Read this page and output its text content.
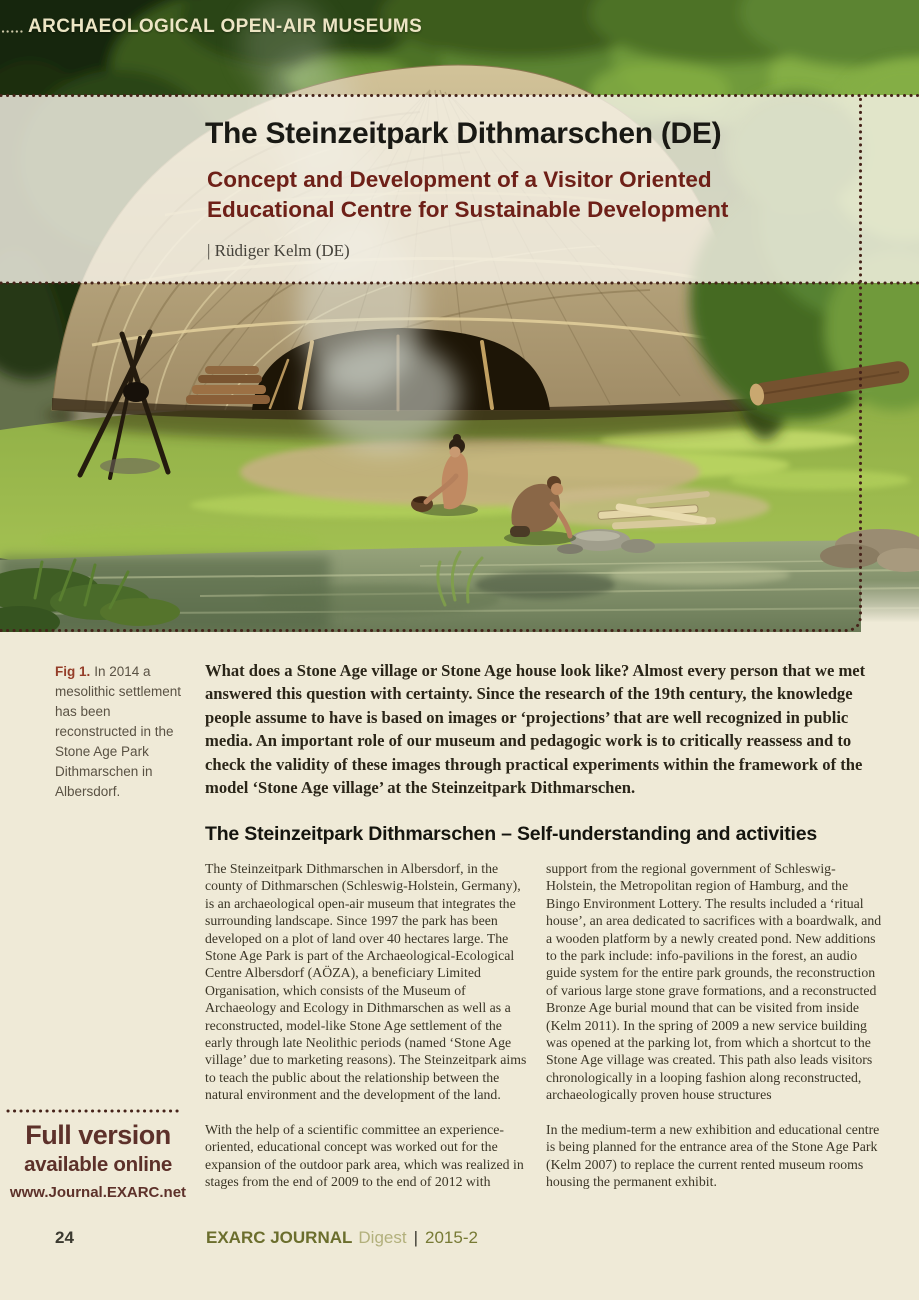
ARCHAEOLOGICAL OPEN-AIR MUSEUMS
The Steinzeitpark Dithmarschen (DE)
Concept and Development of a Visitor Oriented
Educational Centre for Sustainable Development
| Rüdiger Kelm (DE)
Fig 1. In 2014 a mesolithic settlement has been reconstructed in the Stone Age Park Dithmarschen in Albersdorf.
What does a Stone Age village or Stone Age house look like? Almost every person that we met answered this question with certainty. Since the research of the 19th century, the knowledge people assume to have is based on images or ‘projections’ that are well recognized in public media. An important role of our museum and pedagogic work is to critically reassess and to check the validity of these images through practical experiments within the framework of the model ‘Stone Age village’ at the Steinzeitpark Dithmarschen.
The Steinzeitpark Dithmarschen – Self-understanding and activities

The Steinzeitpark Dithmarschen in Albersdorf, in the county of Dithmarschen (Schleswig-Holstein, Germany), is an archaeological open-air museum that integrates the surrounding landscape. Since 1997 the park has been developed on a plot of land over 40 hectares large. The Stone Age Park is part of the Archaeological-Ecological Centre Albersdorf (AÖZA), a beneficiary Limited Organisation, which consists of the Museum of Archaeology and Ecology in Dithmarschen as well as a reconstructed, model-like Stone Age settlement of the early through late Neolithic periods (named ‘Stone Age village’ due to marketing reasons). The Steinzeitpark aims to teach the public about the relationship between the natural environment and the development of the land.

With the help of a scientific committee an experience-oriented, educational concept was worked out for the expansion of the outdoor park area, which was realized in stages from the end of 2009 to the end of 2012 with

support from the regional government of Schleswig-Holstein, the Metropolitan region of Hamburg, and the Bingo Environment Lottery. The results included a ‘ritual house’, an area dedicated to sacrifices with a boardwalk, and a wooden platform by a newly created pond. New additions to the park include: info-pavilions in the forest, an audio guide system for the entire park grounds, the reconstruction of various large stone grave formations, and a reconstructed Bronze Age burial mound that can be visited from inside (Kelm 2011). In the spring of 2009 a new service building was opened at the parking lot, from which a shortcut to the Stone Age village was created. This path also leads visitors chronologically in a looping fashion along reconstructed, archaeologically proven house structures

In the medium-term a new exhibition and educational centre is being planned for the entrance area of the Stone Age Park (Kelm 2007) to replace the current rented museum rooms housing the permanent exhibit.

Full version
available online
www.Journal.EXARC.net
24	EXARC JOURNAL Digest | 2015-2
